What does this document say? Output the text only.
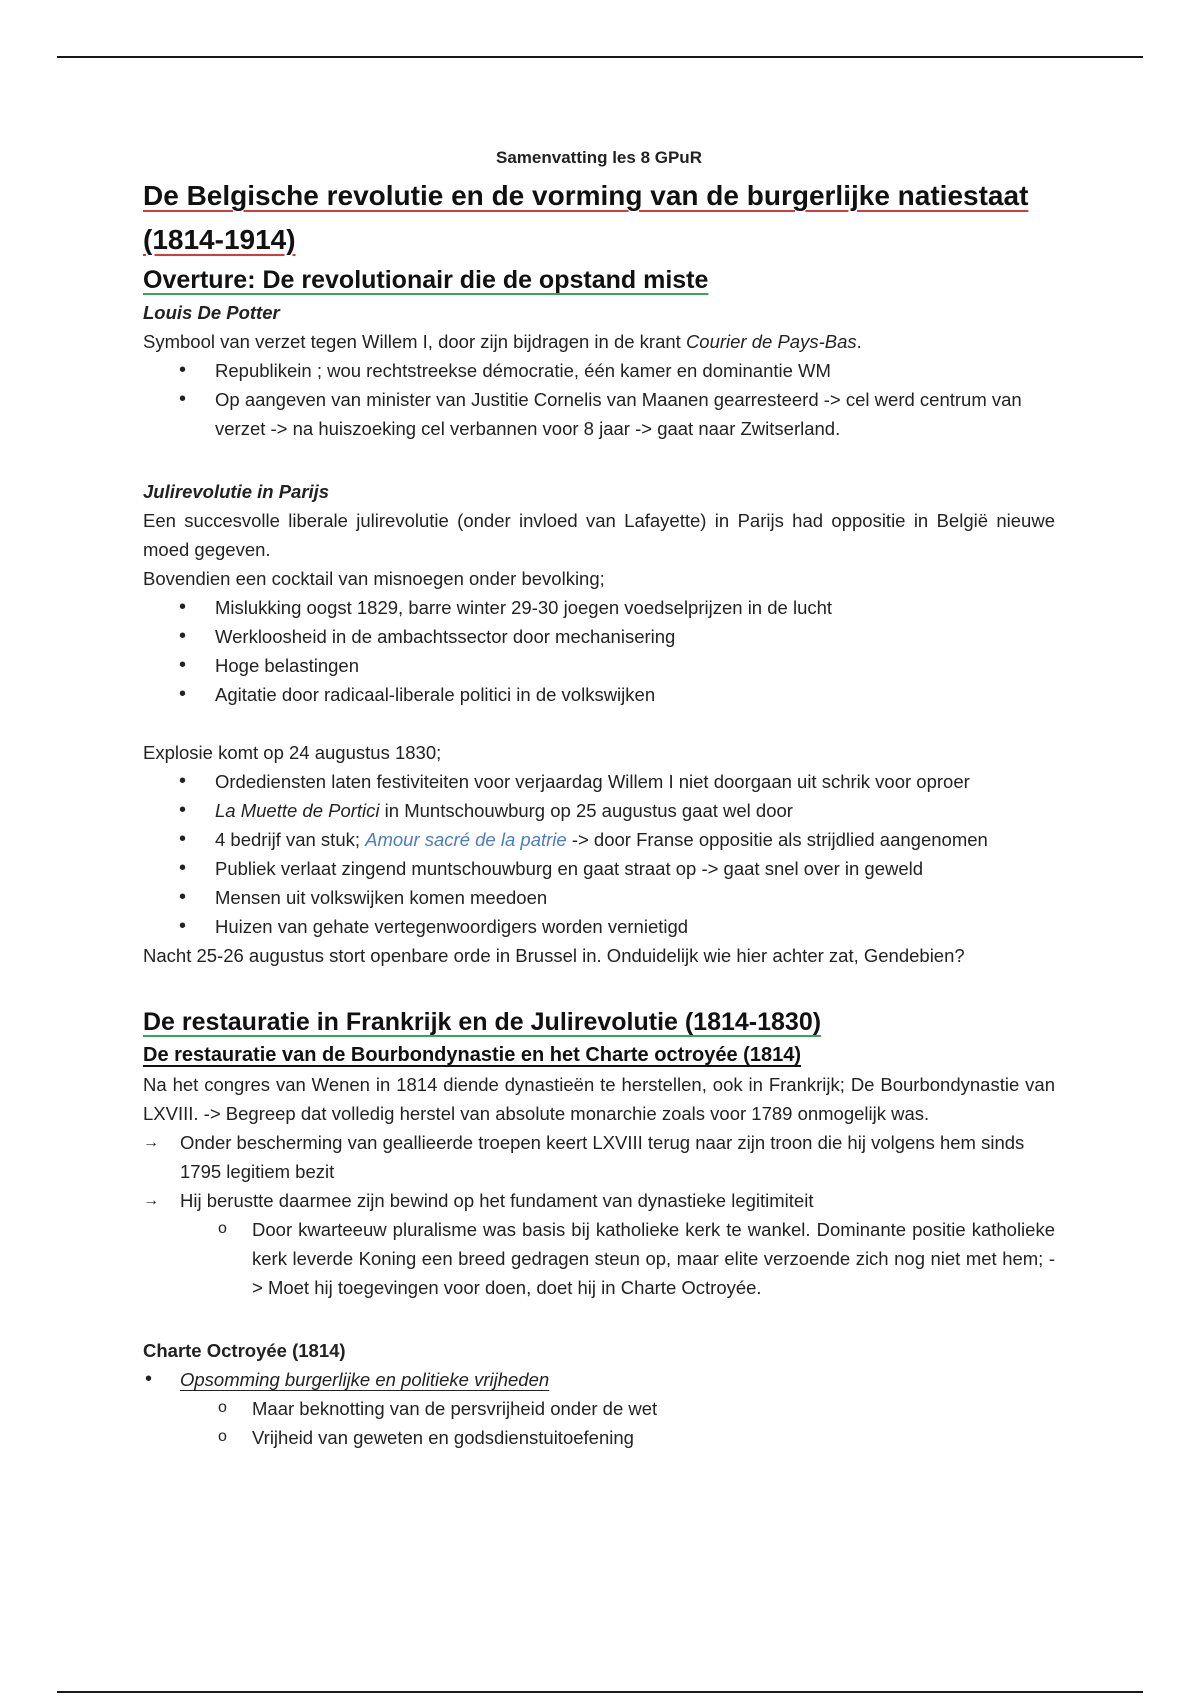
Samenvatting les 8 GPuR

De Belgische revolutie en de vorming van de burgerlijke natiestaat (1814-1914)
Overture: De revolutionair die de opstand miste

Louis De Potter

Symbool van verzet tegen Willem I, door zijn bijdragen in de krant Courier de Pays-Bas.

• Republikein ; wou rechtstreekse démocratie, één kamer en dominantie WM
• Op aangeven van minister van Justitie Cornelis van Maanen gearresteerd -> cel werd centrum van verzet -> na huiszoeking cel verbannen voor 8 jaar -> gaat naar Zwitserland.

Julirevolutie in Parijs

Een succesvolle liberale julirevolutie (onder invloed van Lafayette) in Parijs had oppositie in België nieuwe moed gegeven.

Bovendien een cocktail van misnoegen onder bevolking;

• Mislukking oogst 1829, barre winter 29-30 joegen voedselprijzen in de lucht
• Werkloosheid in de ambachtssector door mechanisering
• Hoge belastingen
• Agitatie door radicaal-liberale politici in de volkswijken

Explosie komt op 24 augustus 1830;

• Ordediensten laten festiviteiten voor verjaardag Willem I niet doorgaan uit schrik voor oproer
• La Muette de Portici in Muntschouwburg op 25 augustus gaat wel door
• 4 bedrijf van stuk; Amour sacré de la patrie -> door Franse oppositie als strijdlied aangenomen
• Publiek verlaat zingend muntschouwburg en gaat straat op -> gaat snel over in geweld
• Mensen uit volkswijken komen meedoen
• Huizen van gehate vertegenwoordigers worden vernietigd

Nacht 25-26 augustus stort openbare orde in Brussel in. Onduidelijk wie hier achter zat, Gendebien?

De restauratie in Frankrijk en de Julirevolutie (1814-1830)
De restauratie van de Bourbondynastie en het Charte octroyée (1814)

Na het congres van Wenen in 1814 diende dynastieën te herstellen, ook in Frankrijk; De Bourbondynastie van LXVIII. -> Begreep dat volledig herstel van absolute monarchie zoals voor 1789 onmogelijk was.

→ Onder bescherming van geallieerde troepen keert LXVIII terug naar zijn troon die hij volgens hem sinds 1795 legitiem bezit
→ Hij berustte daarmee zijn bewind op het fundament van dynastieke legitimiteit
o Door kwarteeuw pluralisme was basis bij katholieke kerk te wankel. Dominante positie katholieke kerk leverde Koning een breed gedragen steun op, maar elite verzoende zich nog niet met hem; -> Moet hij toegevingen voor doen, doet hij in Charte Octroyée.

Charte Octroyée (1814)

• Opsomming burgerlijke en politieke vrijheden
o Maar beknotting van de persvrijheid onder de wet
o Vrijheid van geweten en godsdienstuitoefening
